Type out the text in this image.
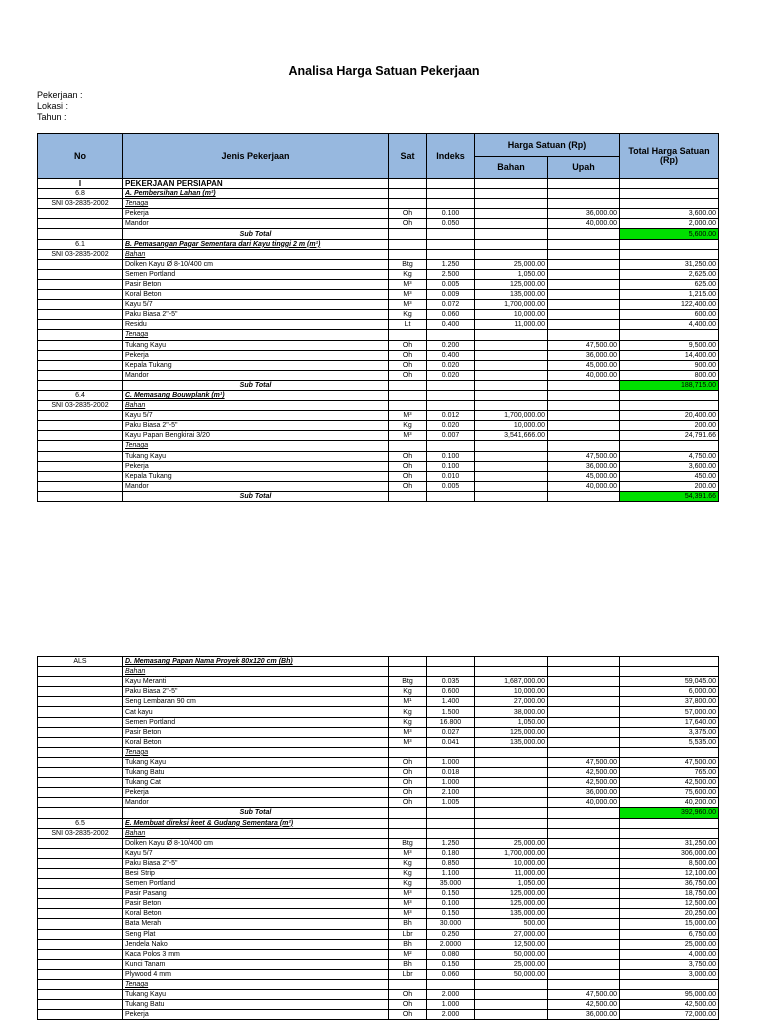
Analisa Harga Satuan Pekerjaan
Pekerjaan :
Lokasi :
Tahun :
No	Jenis Pekerjaan	Sat	Indeks	Harga Satuan (Rp)		Total Harga Satuan (Rp)
				Bahan	Upah	
I	PEKERJAAN PERSIAPAN					
6.8	A. Pembersihan Lahan (m²)					
SNI 03-2835-2002	Tenaga					
	Pekerja	Oh	0.100		36,000.00	3,600.00
	Mandor	Oh	0.050		40,000.00	2,000.00
	Sub Total					5,600.00
6.1	B. Pemasangan Pagar Sementara dari Kayu tinggi 2 m (m¹)					
SNI 03-2835-2002	Bahan					
	Dolken Kayu Ø 8-10/400 cm	Btg	1.250	25,000.00		31,250.00
	Semen Portland	Kg	2.500	1,050.00		2,625.00
	Pasir Beton	M³	0.005	125,000.00		625.00
	Koral Beton	M³	0.009	135,000.00		1,215.00
	Kayu 5/7	M³	0.072	1,700,000.00		122,400.00
	Paku Biasa 2"-5"	Kg	0.060	10,000.00		600.00
	Residu	Lt	0.400	11,000.00		4,400.00
	Tenaga					
	Tukang Kayu	Oh	0.200		47,500.00	9,500.00
	Pekerja	Oh	0.400		36,000.00	14,400.00
	Kepala Tukang	Oh	0.020		45,000.00	900.00
	Mandor	Oh	0.020		40,000.00	800.00
	Sub Total					188,715.00
6.4	C. Memasang Bouwplank (m¹)					
SNI 03-2835-2002	Bahan					
	Kayu 5/7	M³	0.012	1,700,000.00		20,400.00
	Paku Biasa 2"-5"	Kg	0.020	10,000.00		200.00
	Kayu Papan Bengkirai 3/20	M³	0.007	3,541,666.00		24,791.66
	Tenaga					
	Tukang Kayu	Oh	0.100		47,500.00	4,750.00
	Pekerja	Oh	0.100		36,000.00	3,600.00
	Kepala Tukang	Oh	0.010		45,000.00	450.00
	Mandor	Oh	0.005		40,000.00	200.00
	Sub Total					54,391.66
ALS	D. Memasang Papan Nama Proyek 80x120 cm (Bh)					
	Bahan					
	Kayu Meranti	Btg	0.035	1,687,000.00		59,045.00
	Paku Biasa 2"-5"	Kg	0.600	10,000.00		6,000.00
	Seng Lembaran 90 cm	M¹	1.400	27,000.00		37,800.00
	Cat kayu	Kg	1.500	38,000.00		57,000.00
	Semen Portland	Kg	16.800	1,050.00		17,640.00
	Pasir Beton	M³	0.027	125,000.00		3,375.00
	Koral Beton	M³	0.041	135,000.00		5,535.00
	Tenaga					
	Tukang Kayu	Oh	1.000		47,500.00	47,500.00
	Tukang Batu	Oh	0.018		42,500.00	765.00
	Tukang Cat	Oh	1.000		42,500.00	42,500.00
	Pekerja	Oh	2.100		36,000.00	75,600.00
	Mandor	Oh	1.005		40,000.00	40,200.00
	Sub Total					392,960.00
6.5	E. Membuat direksi keet & Gudang Sementara (m²)					
SNI 03-2835-2002	Bahan					
	Dolken Kayu Ø 8-10/400 cm	Btg	1.250	25,000.00		31,250.00
	Kayu 5/7	M³	0.180	1,700,000.00		306,000.00
	Paku Biasa 2"-5"	Kg	0.850	10,000.00		8,500.00
	Besi Strip	Kg	1.100	11,000.00		12,100.00
	Semen Portland	Kg	35.000	1,050.00		36,750.00
	Pasir Pasang	M³	0.150	125,000.00		18,750.00
	Pasir Beton	M³	0.100	125,000.00		12,500.00
	Koral Beton	M³	0.150	135,000.00		20,250.00
	Bata Merah	Bh	30.000	500.00		15,000.00
	Seng Plat	Lbr	0.250	27,000.00		6,750.00
	Jendela Nako	Bh	2.0000	12,500.00		25,000.00
	Kaca Polos 3 mm	M²	0.080	50,000.00		4,000.00
	Kunci Tanam	Bh	0.150	25,000.00		3,750.00
	Plywood 4 mm	Lbr	0.060	50,000.00		3,000.00
	Tenaga					
	Tukang Kayu	Oh	2.000		47,500.00	95,000.00
	Tukang Batu	Oh	1.000		42,500.00	42,500.00
	Pekerja	Oh	2.000		36,000.00	72,000.00
